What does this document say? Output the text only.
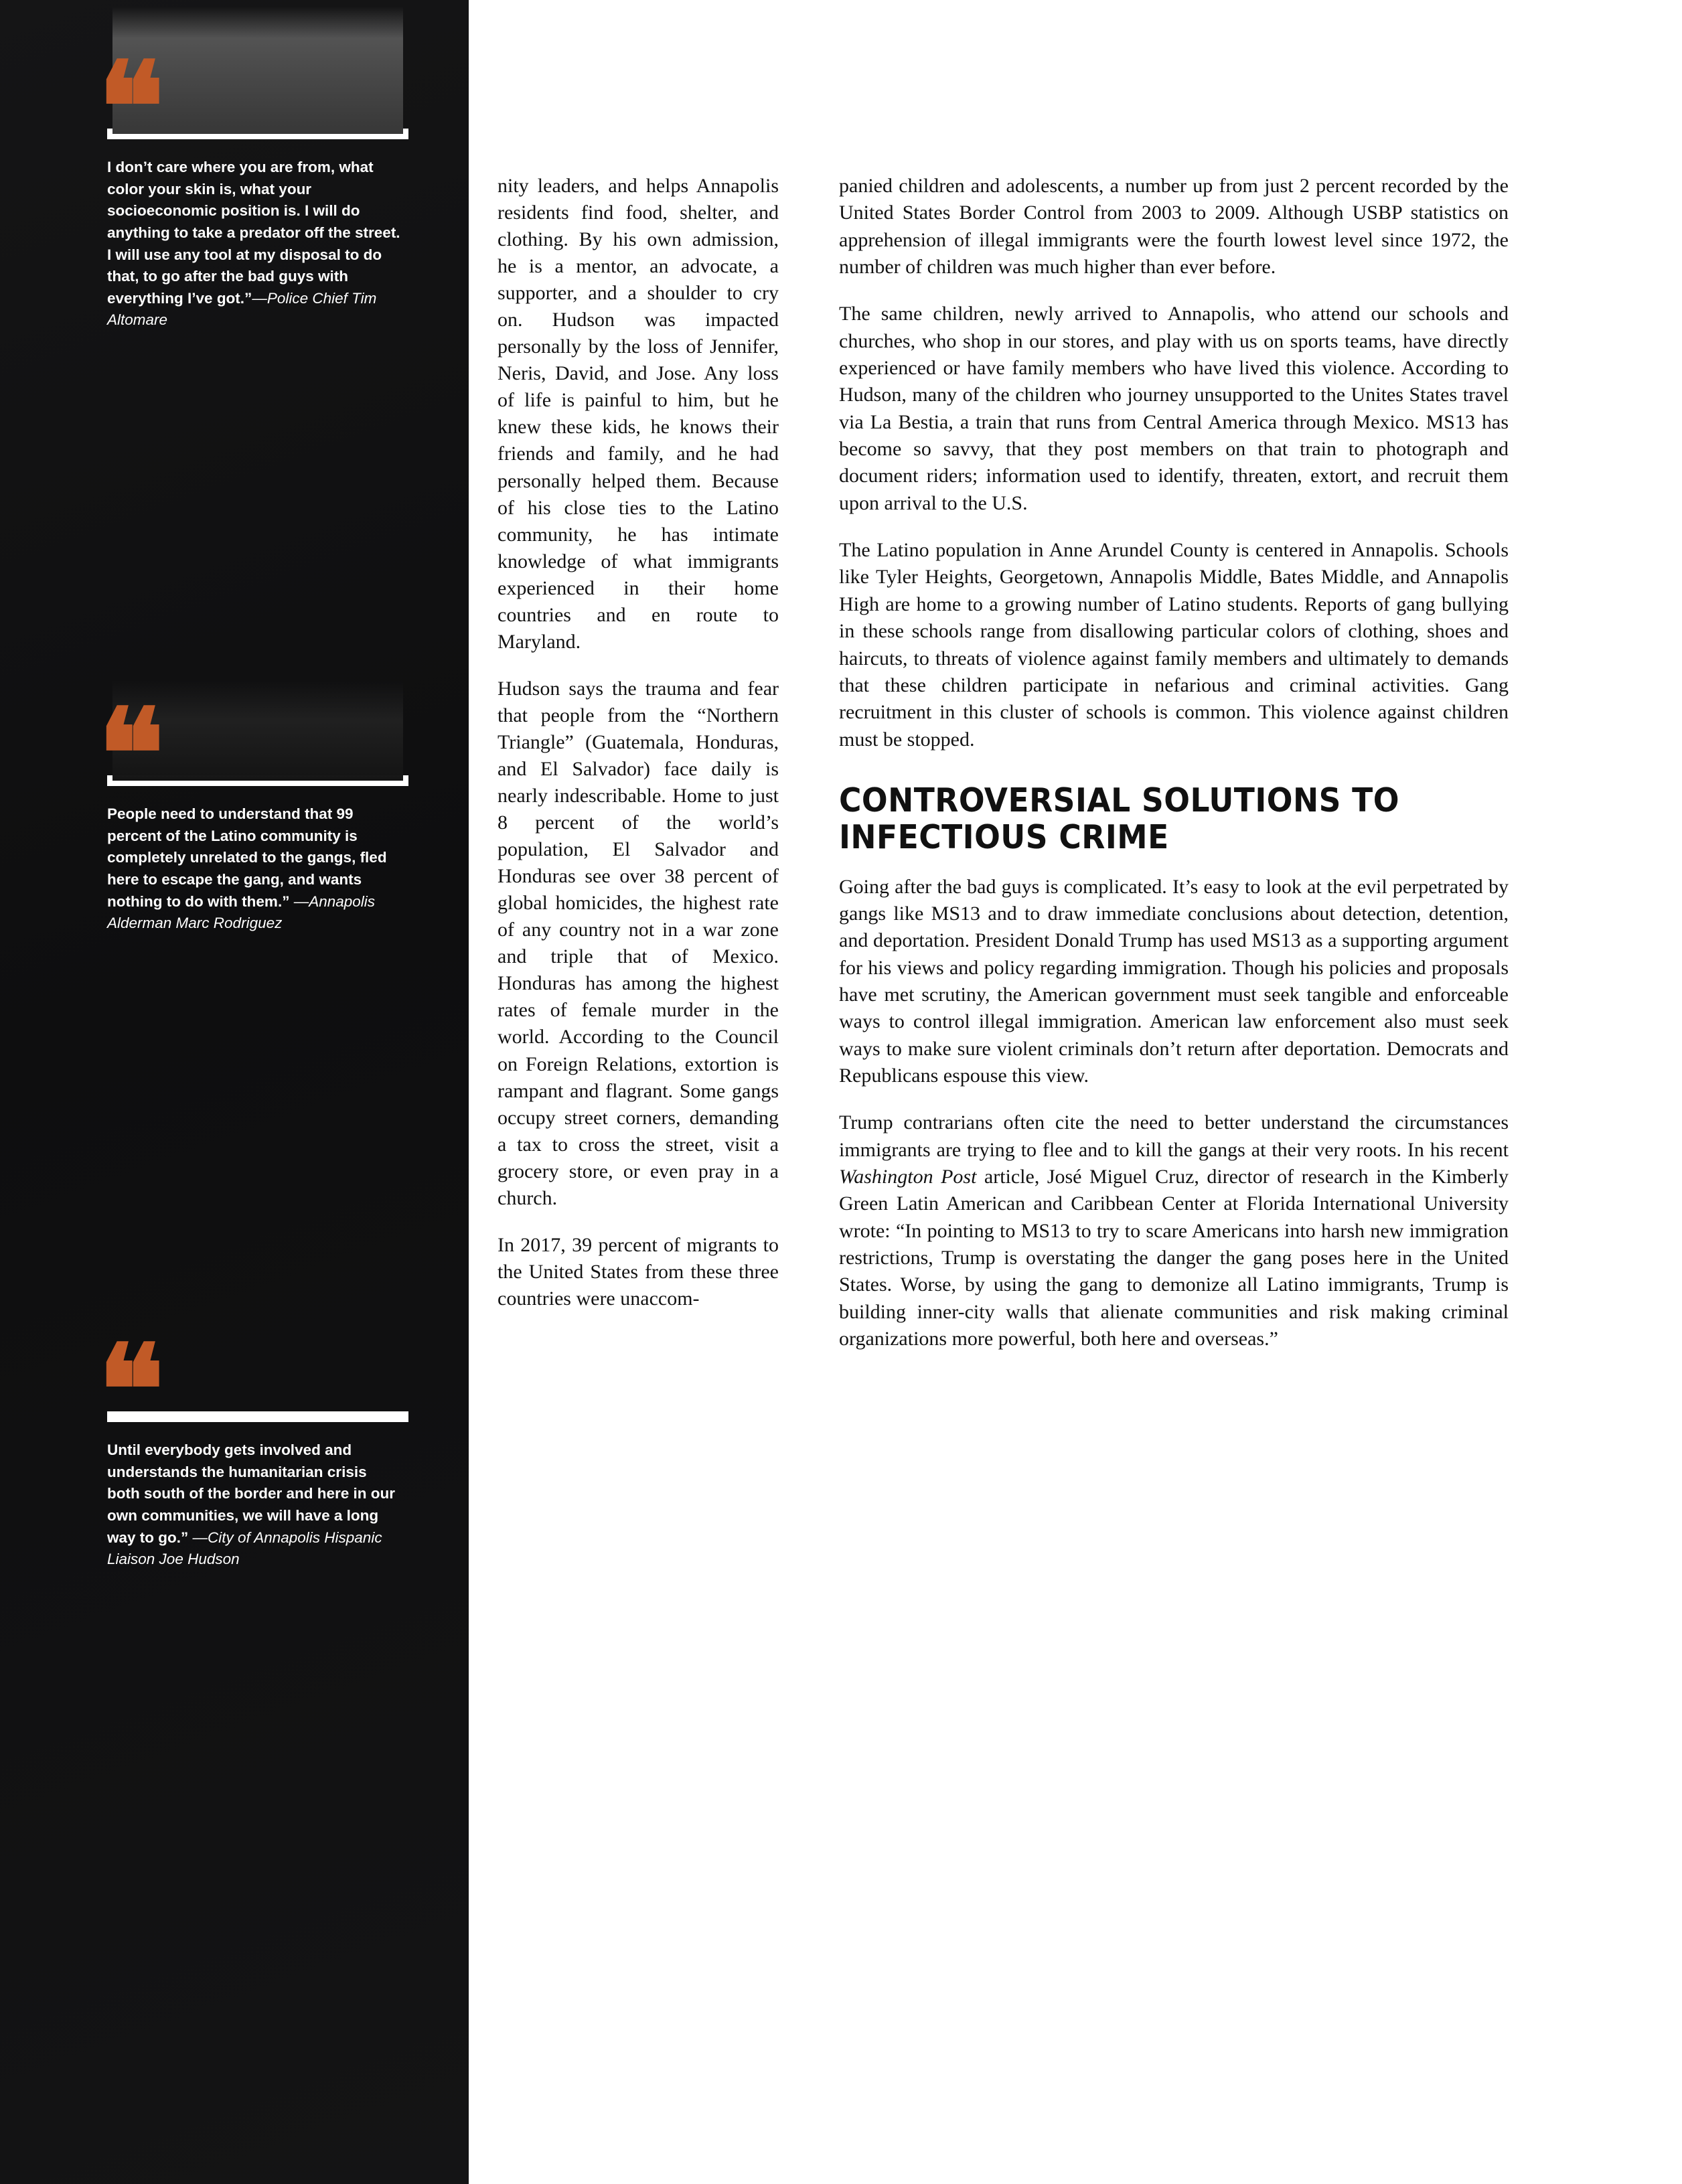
❝
I don’t care where you are from, what color your skin is, what your socioeconomic position is. I will do anything to take a predator off the street. I will use any tool at my disposal to do that, to go after the bad guys with everything I’ve got.”—Police Chief Tim Altomare
❝
People need to understand that 99 percent of the Latino community is completely unrelated to the gangs, fled here to escape the gang, and wants nothing to do with them.” —Annapolis Alderman Marc Rodriguez
❝
Until everybody gets involved and understands the humanitarian crisis both south of the border and here in our own communities, we will have a long way to go.” —City of Annapolis Hispanic Liaison Joe Hudson

nity leaders, and helps Annapolis residents find food, shelter, and clothing. By his own admission, he is a mentor, an advocate, a supporter, and a shoulder to cry on. Hudson was impacted personally by the loss of Jennifer, Neris, David, and Jose. Any loss of life is painful to him, but he knew these kids, he knows their friends and family, and he had personally helped them. Because of his close ties to the Latino community, he has intimate knowledge of what immigrants experienced in their home countries and en route to Maryland.

Hudson says the trauma and fear that people from the “Northern Triangle” (Guatemala, Honduras, and El Salvador) face daily is nearly indescribable. Home to just 8 percent of the world’s population, El Salvador and Honduras see over 38 percent of global homicides, the highest rate of any country not in a war zone and triple that of Mexico. Honduras has among the highest rates of female murder in the world. According to the Council on Foreign Relations, extortion is rampant and flagrant. Some gangs occupy street corners, demanding a tax to cross the street, visit a grocery store, or even pray in a church.

In 2017, 39 percent of migrants to the United States from these three countries were unaccom-

panied children and adolescents, a number up from just 2 percent recorded by the United States Border Control from 2003 to 2009. Although USBP statistics on apprehension of illegal immigrants were the fourth lowest level since 1972, the number of children was much higher than ever before.

The same children, newly arrived to Annapolis, who attend our schools and churches, who shop in our stores, and play with us on sports teams, have directly experienced or have family members who have lived this violence. According to Hudson, many of the children who journey unsupported to the Unites States travel via La Bestia, a train that runs from Central America through Mexico. MS13 has become so savvy, that they post members on that train to photograph and document riders; information used to identify, threaten, extort, and recruit them upon arrival to the U.S.

The Latino population in Anne Arundel County is centered in Annapolis. Schools like Tyler Heights, Georgetown, Annapolis Middle, Bates Middle, and Annapolis High are home to a growing number of Latino students. Reports of gang bullying in these schools range from disallowing particular colors of clothing, shoes and haircuts, to threats of violence against family members and ultimately to demands that these children participate in nefarious and criminal activities. Gang recruitment in this cluster of schools is common. This violence against children must be stopped.

CONTROVERSIAL SOLUTIONS TO INFECTIOUS CRIME

Going after the bad guys is complicated. It’s easy to look at the evil perpetrated by gangs like MS13 and to draw immediate conclusions about detection, detention, and deportation. President Donald Trump has used MS13 as a supporting argument for his views and policy regarding immigration. Though his policies and proposals have met scrutiny, the American government must seek tangible and enforceable ways to control illegal immigration. American law enforcement also must seek ways to make sure violent criminals don’t return after deportation. Democrats and Republicans espouse this view.

Trump contrarians often cite the need to better understand the circumstances immigrants are trying to flee and to kill the gangs at their very roots. In his recent Washington Post article, José Miguel Cruz, director of research in the Kimberly Green Latin American and Caribbean Center at Florida International University wrote: “In pointing to MS13 to try to scare Americans into harsh new immigration restrictions, Trump is overstating the danger the gang poses here in the United States. Worse, by using the gang to demonize all Latino immigrants, Trump is building inner-city walls that alienate communities and risk making criminal organizations more powerful, both here and overseas.”
